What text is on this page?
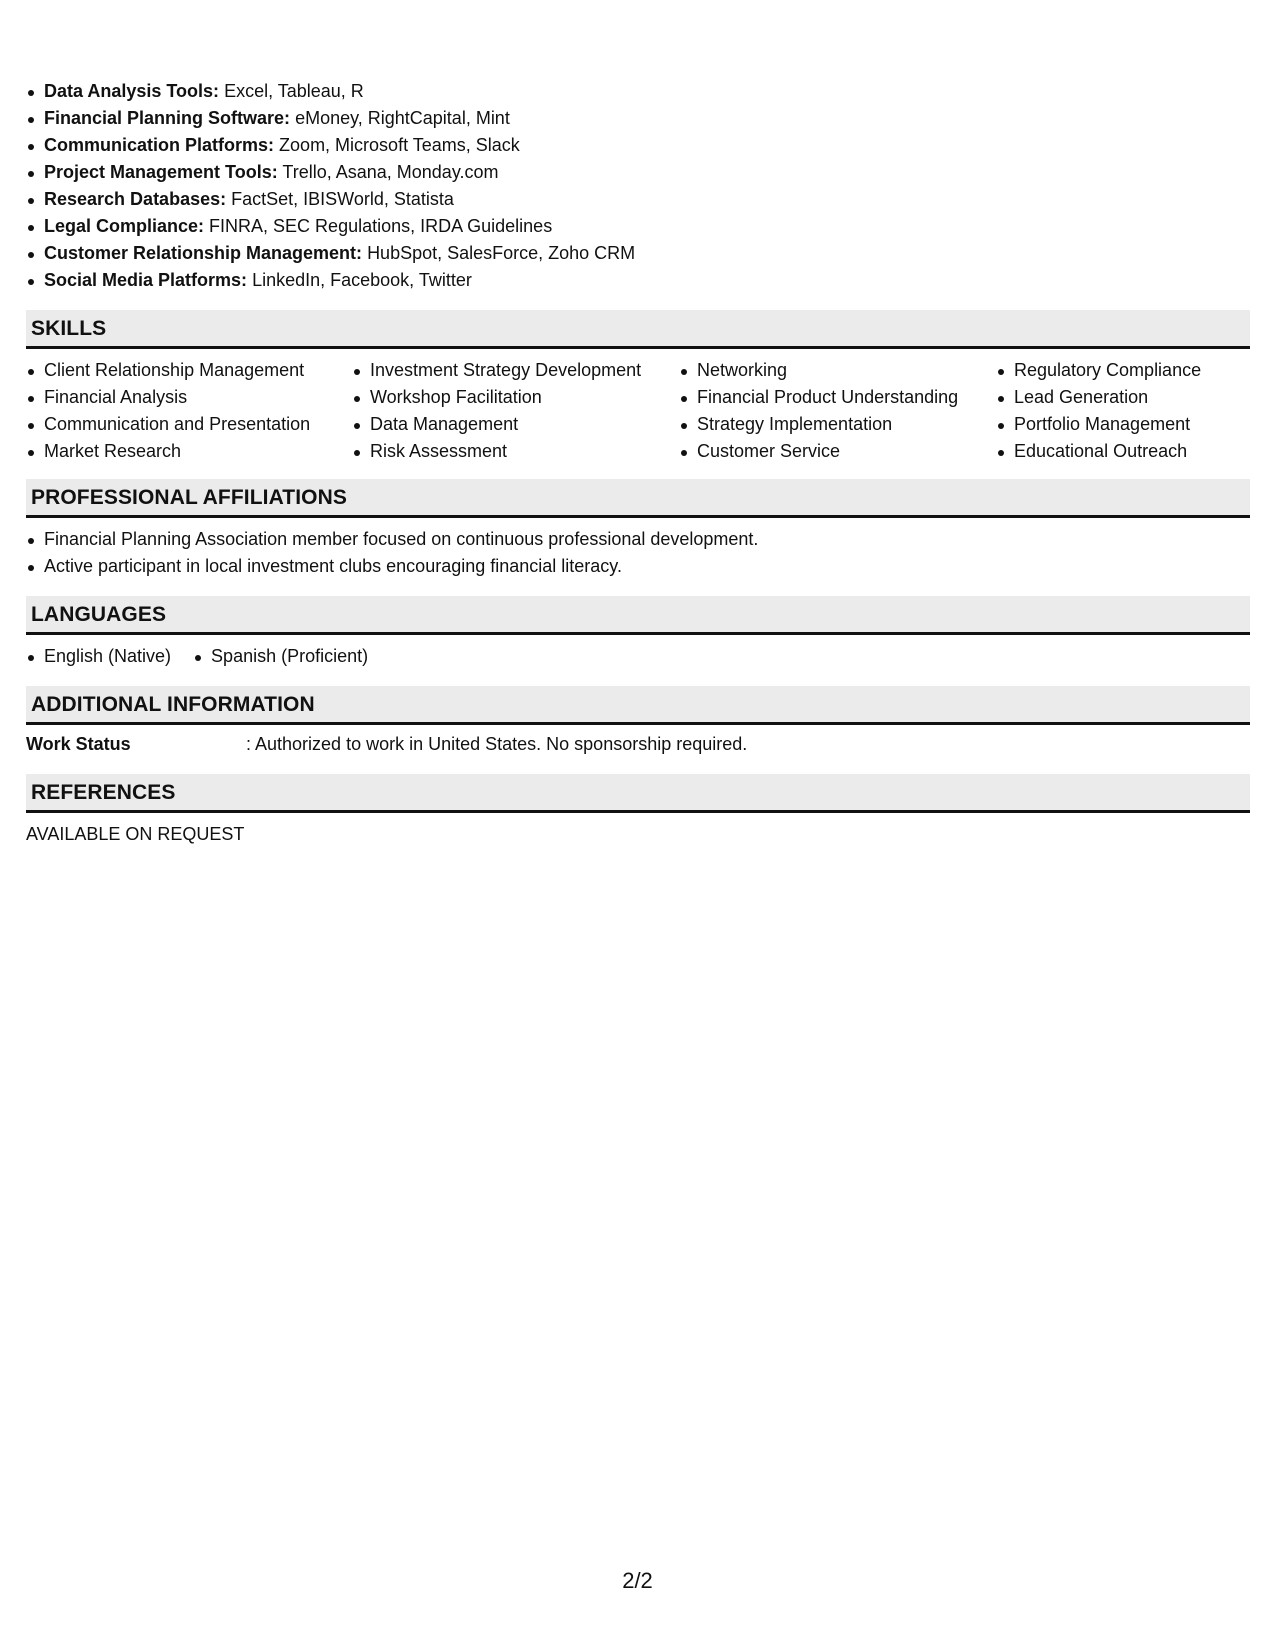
Data Analysis Tools: Excel, Tableau, R
Financial Planning Software: eMoney, RightCapital, Mint
Communication Platforms: Zoom, Microsoft Teams, Slack
Project Management Tools: Trello, Asana, Monday.com
Research Databases: FactSet, IBISWorld, Statista
Legal Compliance: FINRA, SEC Regulations, IRDA Guidelines
Customer Relationship Management: HubSpot, SalesForce, Zoho CRM
Social Media Platforms: LinkedIn, Facebook, Twitter
SKILLS
Client Relationship Management
Financial Analysis
Communication and Presentation
Market Research
Investment Strategy Development
Workshop Facilitation
Data Management
Risk Assessment
Networking
Financial Product Understanding
Strategy Implementation
Customer Service
Regulatory Compliance
Lead Generation
Portfolio Management
Educational Outreach
PROFESSIONAL AFFILIATIONS
Financial Planning Association member focused on continuous professional development.
Active participant in local investment clubs encouraging financial literacy.
LANGUAGES
English (Native)	Spanish (Proficient)
ADDITIONAL INFORMATION
Work Status	: Authorized to work in United States. No sponsorship required.
REFERENCES
AVAILABLE ON REQUEST
2/2
